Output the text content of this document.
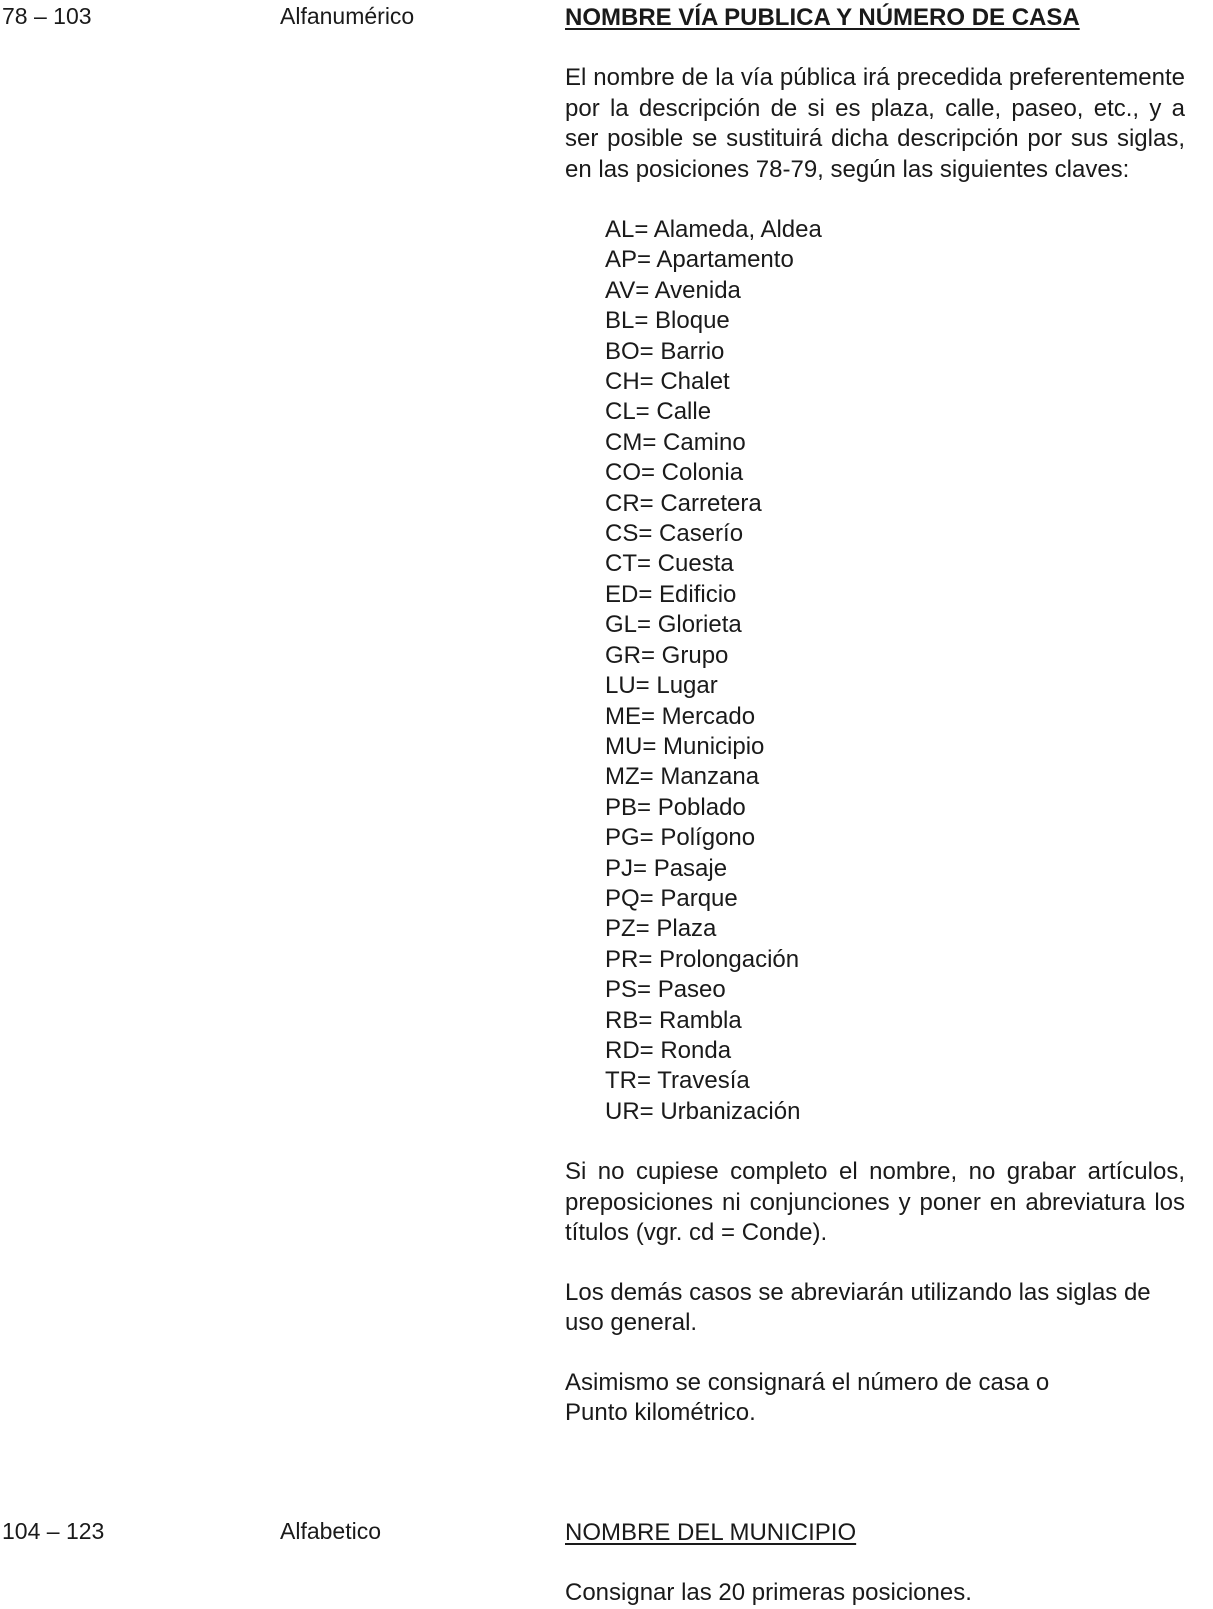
78 – 103	Alfanumérico	NOMBRE VÍA PUBLICA Y NÚMERO DE CASA

El nombre de la vía pública irá precedida preferentemente por la descripción de si es plaza, calle, paseo, etc., y a ser posible se sustituirá dicha descripción por sus siglas, en las posiciones 78-79, según las siguientes claves:

AL= Alameda, Aldea
AP= Apartamento
AV= Avenida
BL= Bloque
BO= Barrio
CH= Chalet
CL= Calle
CM= Camino
CO= Colonia
CR= Carretera
CS= Caserío
CT= Cuesta
ED= Edificio
GL= Glorieta
GR= Grupo
LU= Lugar
ME= Mercado
MU= Municipio
MZ= Manzana
PB= Poblado
PG= Polígono
PJ= Pasaje
PQ= Parque
PZ= Plaza
PR= Prolongación
PS= Paseo
RB= Rambla
RD= Ronda
TR= Travesía
UR= Urbanización

Si no cupiese completo el nombre, no grabar artículos, preposiciones ni conjunciones y poner en abreviatura los títulos (vgr. cd = Conde).

Los demás casos se abreviarán utilizando las siglas de uso general.

Asimismo se consignará el número de casa o
Punto kilométrico.

104 – 123	Alfabetico	NOMBRE DEL MUNICIPIO

Consignar las 20 primeras posiciones.
